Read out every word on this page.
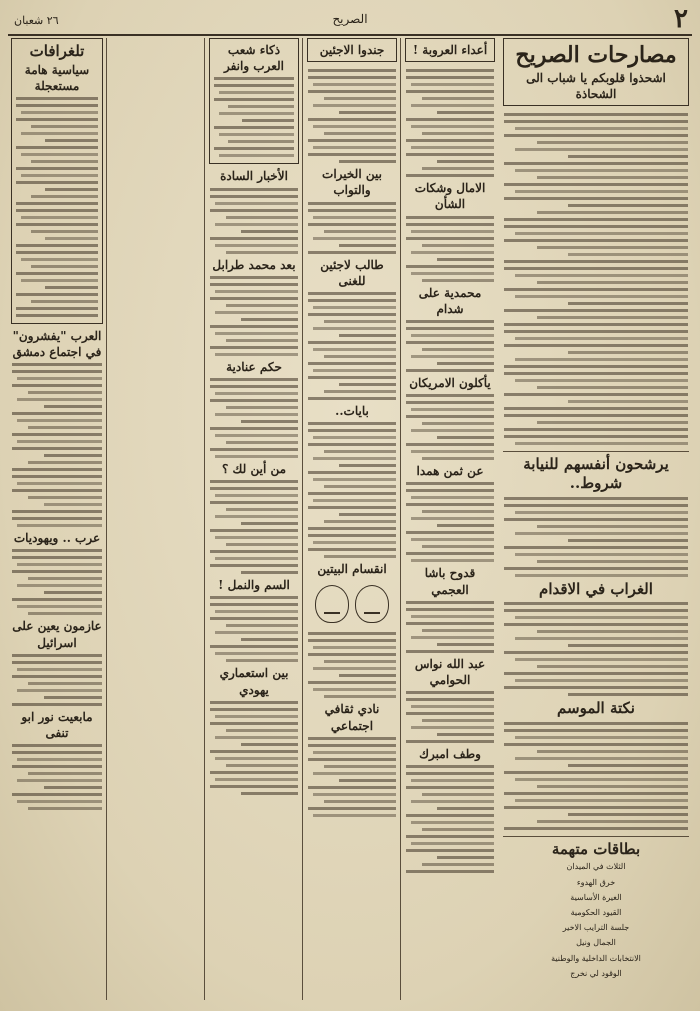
٢
الصريح
٢٦ شعبان
مصارحات الصريح
اشحذوا قلوبكم يا شباب الى الشحاذة
يرشحون أنفسهم للنيابة شروط..
الغراب في الاقدام
نكتة الموسم
بطاقات متهمة
الثلاث في الميدان
خرق الهدوء
الغيرة الأساسية
القيود الحكومية
جلسة الترايب الاخير
الجمال ونيل
الانتخابات الداخلية والوطنية
الوقود لي نخرج
أعداء العروبة !
الامال وشكات الشأن
محمدية على شدام
يأكلون الامريكان
عن ثمن همدا
قدوح باشا العجمي
عبد الله نواس الحوامي
وطف امبرك
جندوا الاجئين
بين الخيرات والتواب
طالب لاجئين للغنى
بايات..
انقسام البيتين
نادي ثقافي اجتماعي
ذكاء شعب العرب وانفر
الأخبار السادة
بعد محمد طرابل
حكم عنادية
من أين لك ؟
السم والنمل !
بين استعماري يهودي
تلغرافات
سياسية هامة مستعجلة
العرب "يفشرون" في اجتماع دمشق
عرب .. ويهوديات
عازمون يعين على اسرائيل
مابعيت نور ابو تنفى
